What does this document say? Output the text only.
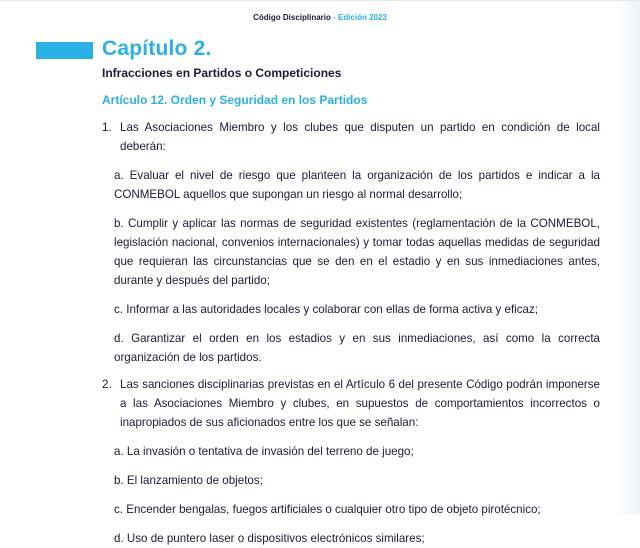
Código Disciplinario - Edición 2023
Capítulo 2.
Infracciones en Partidos o Competiciones
Artículo 12. Orden y Seguridad en los Partidos
1. Las Asociaciones Miembro y los clubes que disputen un partido en condición de local deberán:
a. Evaluar el nivel de riesgo que planteen la organización de los partidos e indicar a la CONMEBOL aquellos que supongan un riesgo al normal desarrollo;
b. Cumplir y aplicar las normas de seguridad existentes (reglamentación de la CONMEBOL, legislación nacional, convenios internacionales) y tomar todas aquellas medidas de seguridad que requieran las circunstancias que se den en el estadio y en sus inmediaciones antes, durante y después del partido;
c. Informar a las autoridades locales y colaborar con ellas de forma activa y eficaz;
d. Garantizar el orden en los estadios y en sus inmediaciones, así como la correcta organización de los partidos.
2. Las sanciones disciplinarias previstas en el Artículo 6 del presente Código podrán imponerse a las Asociaciones Miembro y clubes, en supuestos de comportamientos incorrectos o inapropiados de sus aficionados entre los que se señalan:
a. La invasión o tentativa de invasión del terreno de juego;
b. El lanzamiento de objetos;
c. Encender bengalas, fuegos artificiales o cualquier otro tipo de objeto pirotécnico;
d. Uso de puntero laser o dispositivos electrónicos similares;
